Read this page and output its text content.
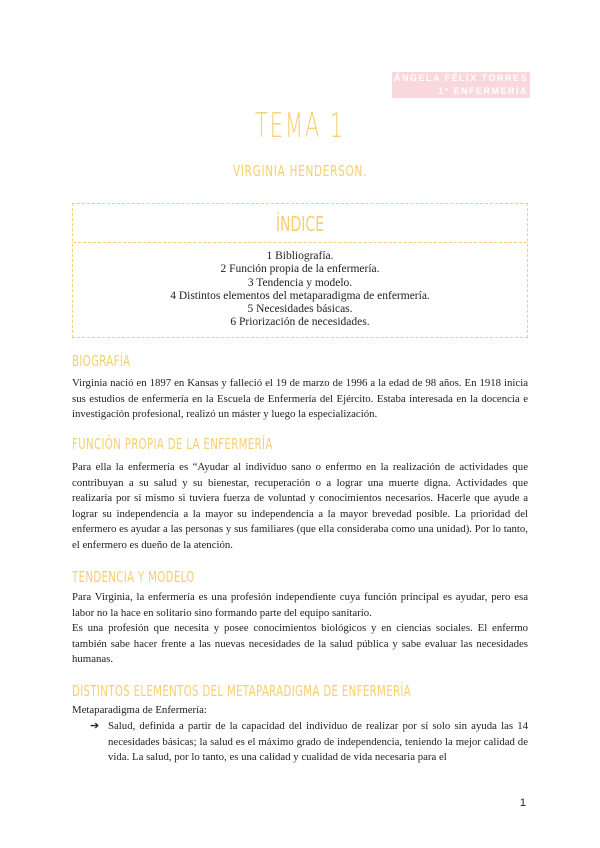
ÁNGELA FÉLIX TORRES
1º ENFERMERÍA
TEMA 1
VIRGINIA HENDERSON.
ÍNDICE
1 Bibliografía.
2 Función propia de la enfermería.
3 Tendencia y modelo.
4 Distintos elementos del metaparadigma de enfermería.
5 Necesidades básicas.
6 Priorización de necesidades.
BIOGRAFÍA

Virginia nació en 1897 en Kansas y falleció el 19 de marzo de 1996 a la edad de 98 años. En 1918 inicia sus estudios de enfermería en la Escuela de Enfermería del Ejército. Estaba interesada en la docencia e investigación profesional, realizó un máster y luego la especialización.

FUNCIÓN PROPIA DE LA ENFERMERÍA

Para ella la enfermería es “Ayudar al individuo sano o enfermo en la realización de actividades que contribuyan a su salud y su bienestar, recuperación o a lograr una muerte digna. Actividades que realizaría por sí mismo si tuviera fuerza de voluntad y conocimientos necesarios. Hacerle que ayude a lograr su independencia a la mayor su independencia a la mayor brevedad posible. La prioridad del enfermero es ayudar a las personas y sus familiares (que ella consideraba como una unidad). Por lo tanto, el enfermero es dueño de la atención.

TENDENCIA Y MODELO

Para Virginia, la enfermería es una profesión independiente cuya función principal es ayudar, pero esa labor no la hace en solitario sino formando parte del equipo sanitario.

Es una profesión que necesita y posee conocimientos biológicos y en ciencias sociales. El enfermo también sabe hacer frente a las nuevas necesidades de la salud pública y sabe evaluar las necesidades humanas.

DISTINTOS ELEMENTOS DEL METAPARADIGMA DE ENFERMERÍA

Metaparadigma de Enfermería:

➔ Salud, definida a partir de la capacidad del individuo de realizar por sí solo sin ayuda las 14 necesidades básicas; la salud es el máximo grado de independencia, teniendo la mejor calidad de vida. La salud, por lo tanto, es una calidad y cualidad de vida necesaria para el

1
